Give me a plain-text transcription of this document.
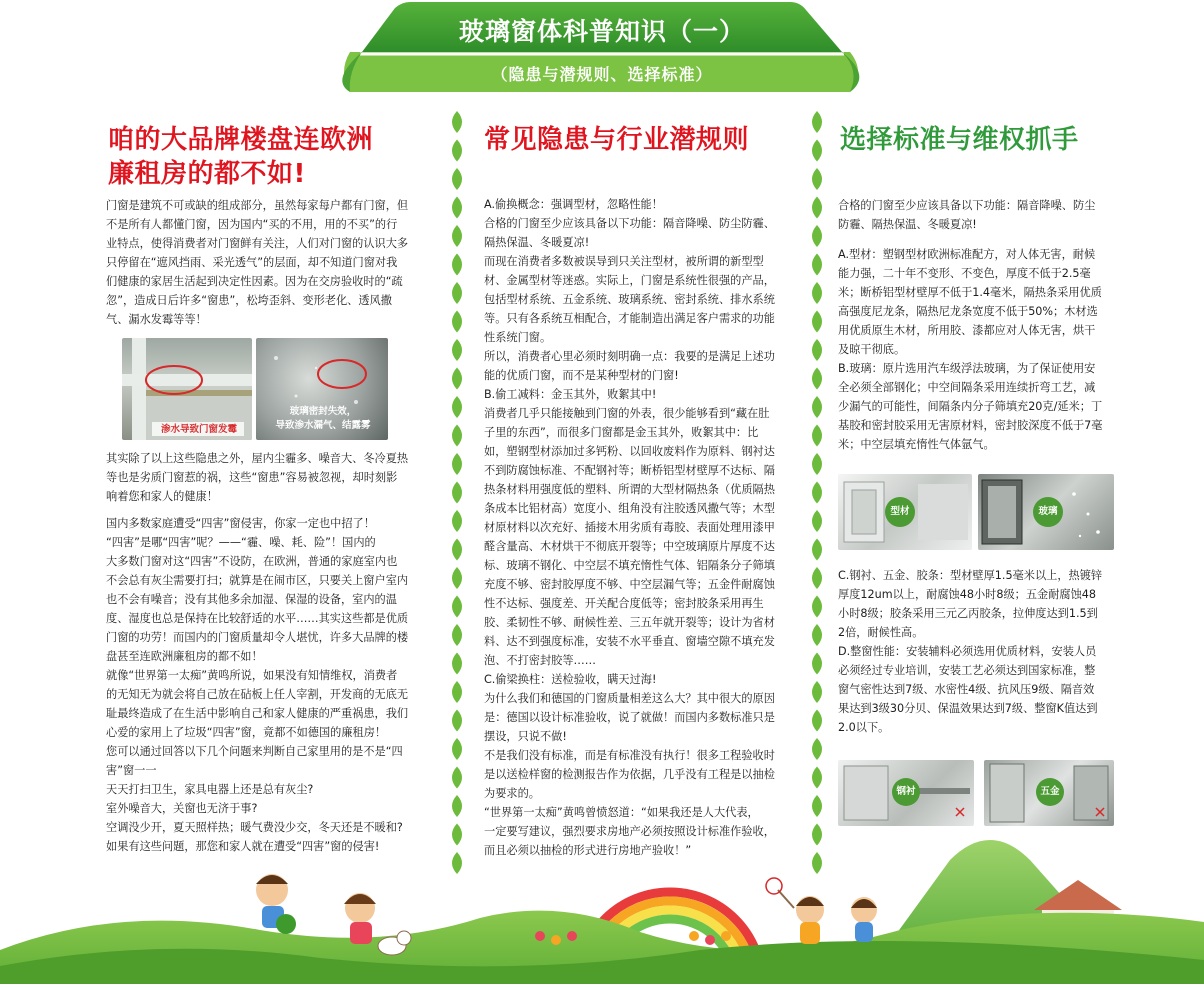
玻璃窗体科普知识（一）
（隐患与潜规则、选择标准）
咱的大品牌楼盘连欧洲
廉租房的都不如!

门窗是建筑不可或缺的组成部分，虽然每家每户都有门窗，但

不是所有人都懂门窗，因为国内“买的不用，用的不买”的行

业特点，使得消费者对门窗鲜有关注，人们对门窗的认识大多

只停留在“遮风挡雨、采光透气”的层面，却不知道门窗对我

们健康的家居生活起到决定性因素。因为在交房验收时的“疏

忽”，造成日后许多“窗患”，松垮歪斜、变形老化、透风撒

气、漏水发霉等等！

渗水导致门窗发霉
玻璃密封失效，
导致渗水漏气、结露雾

其实除了以上这些隐患之外，屋内尘霾多、噪音大、冬冷夏热

等也是劣质门窗惹的祸，这些“窗患”容易被忽视，却时刻影

响着您和家人的健康！

国内多数家庭遭受“四害”窗侵害，你家一定也中招了！

“四害”是哪“四害”呢？——“霾、噪、耗、险”！国内的

大多数门窗对这“四害”不设防，在欧洲，普通的家庭室内也

不会总有灰尘需要打扫；就算是在闹市区，只要关上窗户室内

也不会有噪音；没有其他多余加湿、保湿的设备，室内的温

度、湿度也总是保持在比较舒适的水平……其实这些都是优质

门窗的功劳！而国内的门窗质量却令人堪忧，许多大品牌的楼

盘甚至连欧洲廉租房的都不如！

就像“世界第一太痴”黄鸣所说，如果没有知情维权，消费者

的无知无为就会将自己放在砧板上任人宰割，开发商的无底无

耻最终造成了在生活中影响自己和家人健康的严重祸患，我们

心爱的家用上了垃圾“四害”窗，竟都不如德国的廉租房！

您可以通过回答以下几个问题来判断自己家里用的是不是“四

害”窗一一

天天打扫卫生，家具电器上还是总有灰尘?

室外噪音大，关窗也无济于事?

空调没少开，夏天照样热；暖气费没少交，冬天还是不暖和?

如果有这些问题，那您和家人就在遭受“四害”窗的侵害!

常见隐患与行业潜规则

A.偷换概念：强调型材，忽略性能！

合格的门窗至少应该具备以下功能：隔音降噪、防尘防霾、

隔热保温、冬暖夏凉!

而现在消费者多数被误导到只关注型材，被所谓的新型型

材、金属型材等迷惑。实际上，门窗是系统性很强的产品，

包括型材系统、五金系统、玻璃系统、密封系统、排水系统

等。只有各系统互相配合，才能制造出满足客户需求的功能

性系统门窗。

所以，消费者心里必须时刻明确一点：我要的是满足上述功

能的优质门窗，而不是某种型材的门窗!

B.偷工减料：金玉其外，败絮其中!

消费者几乎只能接触到门窗的外表，很少能够看到“藏在肚

子里的东西”，而很多门窗都是金玉其外，败絮其中：比

如，塑钢型材添加过多钙粉、以回收废料作为原料、钢衬达

不到防腐蚀标准、不配钢衬等；断桥铝型材壁厚不达标、隔

热条材料用强度低的塑料、所谓的大型材隔热条（优质隔热

条成本比铝材高）宽度小、组角没有注胶透风撒气等；木型

材原材料以次充好、插接木用劣质有毒胶、表面处理用漆甲

醛含量高、木材烘干不彻底开裂等；中空玻璃原片厚度不达

标、玻璃不钢化、中空层不填充惰性气体、铝隔条分子筛填

充度不够、密封胶厚度不够、中空层漏气等；五金件耐腐蚀

性不达标、强度差、开关配合度低等；密封胶条采用再生

胶、柔韧性不够、耐候性差、三五年就开裂等；设计为省材

料、达不到强度标准，安装不水平垂直、窗墙空隙不填充发

泡、不打密封胶等……

C.偷梁换柱：送检验收，瞒天过海!

为什么我们和德国的门窗质量相差这么大？其中很大的原因

是：德国以设计标准验收，说了就做！而国内多数标准只是

摆设，只说不做!

不是我们没有标准，而是有标准没有执行！很多工程验收时

是以送检样窗的检测报告作为依据，几乎没有工程是以抽检

为要求的。

“世界第一太痴”黄鸣曾愤怒道：“如果我还是人大代表，

一定要写建议，强烈要求房地产必须按照设计标准作验收，

而且必须以抽检的形式进行房地产验收！”

选择标准与维权抓手

合格的门窗至少应该具备以下功能：隔音降噪、防尘

防霾、隔热保温、冬暖夏凉!

A.型材：塑钢型材欧洲标准配方，对人体无害，耐候

能力强，二十年不变形、不变色，厚度不低于2.5毫

米；断桥铝型材壁厚不低于1.4毫米，隔热条采用优质

高强度尼龙条，隔热尼龙条宽度不低于50%；木材选

用优质原生木材，所用胶、漆都应对人体无害，烘干

及晾干彻底。

B.玻璃：原片选用汽车级浮法玻璃，为了保证使用安

全必须全部钢化；中空间隔条采用连续折弯工艺，减

少漏气的可能性，间隔条内分子筛填充20克/延米；丁

基胶和密封胶采用无害原材料，密封胶深度不低于7毫

米；中空层填充惰性气体氩气。

型材	玻璃

C.钢衬、五金、胶条：型材壁厚1.5毫米以上，热镀锌

厚度12um以上，耐腐蚀48小时8级；五金耐腐蚀48

小时8级；胶条采用三元乙丙胶条，拉伸度达到1.5到

2倍，耐候性高。

D.整窗性能：安装辅料必须选用优质材料，安装人员

必须经过专业培训，安装工艺必须达到国家标准，整

窗气密性达到7级、水密性4级、抗风压9级、隔音效

果达到3级30分贝、保温效果达到7级、整窗K值达到

2.0以下。

钢衬	五金
